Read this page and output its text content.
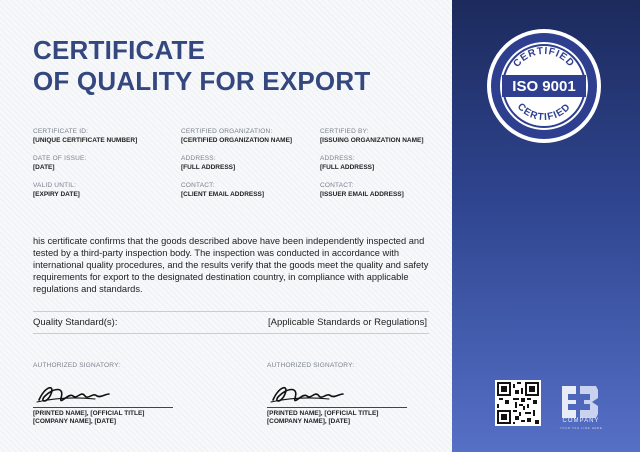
CERTIFICATE
OF QUALITY FOR EXPORT
CERTIFICATE ID:
[UNIQUE CERTIFICATE NUMBER]
DATE OF ISSUE:
[DATE]
VALID UNTIL:
[EXPIRY DATE]
CERTIFIED ORGANIZATION:
[CERTIFIED ORGANIZATION NAME]
ADDRESS:
[FULL ADDRESS]
CONTACT:
[CLIENT EMAIL ADDRESS]
CERTIFIED BY:
[ISSUING ORGANIZATION NAME]
ADDRESS:
[FULL ADDRESS]
CONTACT:
[ISSUER EMAIL ADDRESS]
his certificate confirms that the goods described above have been independently inspected and tested by a third-party inspection body. The inspection was conducted in accordance with international quality procedures, and the results verify that the goods meet the quality and safety requirements for export to the designated destination country, in compliance with applicable regulations and standards.
Quality Standard(s):	[Applicable Standards or Regulations]
AUTHORIZED SIGNATORY:
[PRINTED NAME], [OFFICIAL TITLE]
[COMPANY NAME], [DATE]
AUTHORIZED SIGNATORY:
[PRINTED NAME], [OFFICIAL TITLE]
[COMPANY NAME], [DATE]
CERTIFIED
ISO 9001
CERTIFIED
COMPANY
YOUR TAG LINE HERE
